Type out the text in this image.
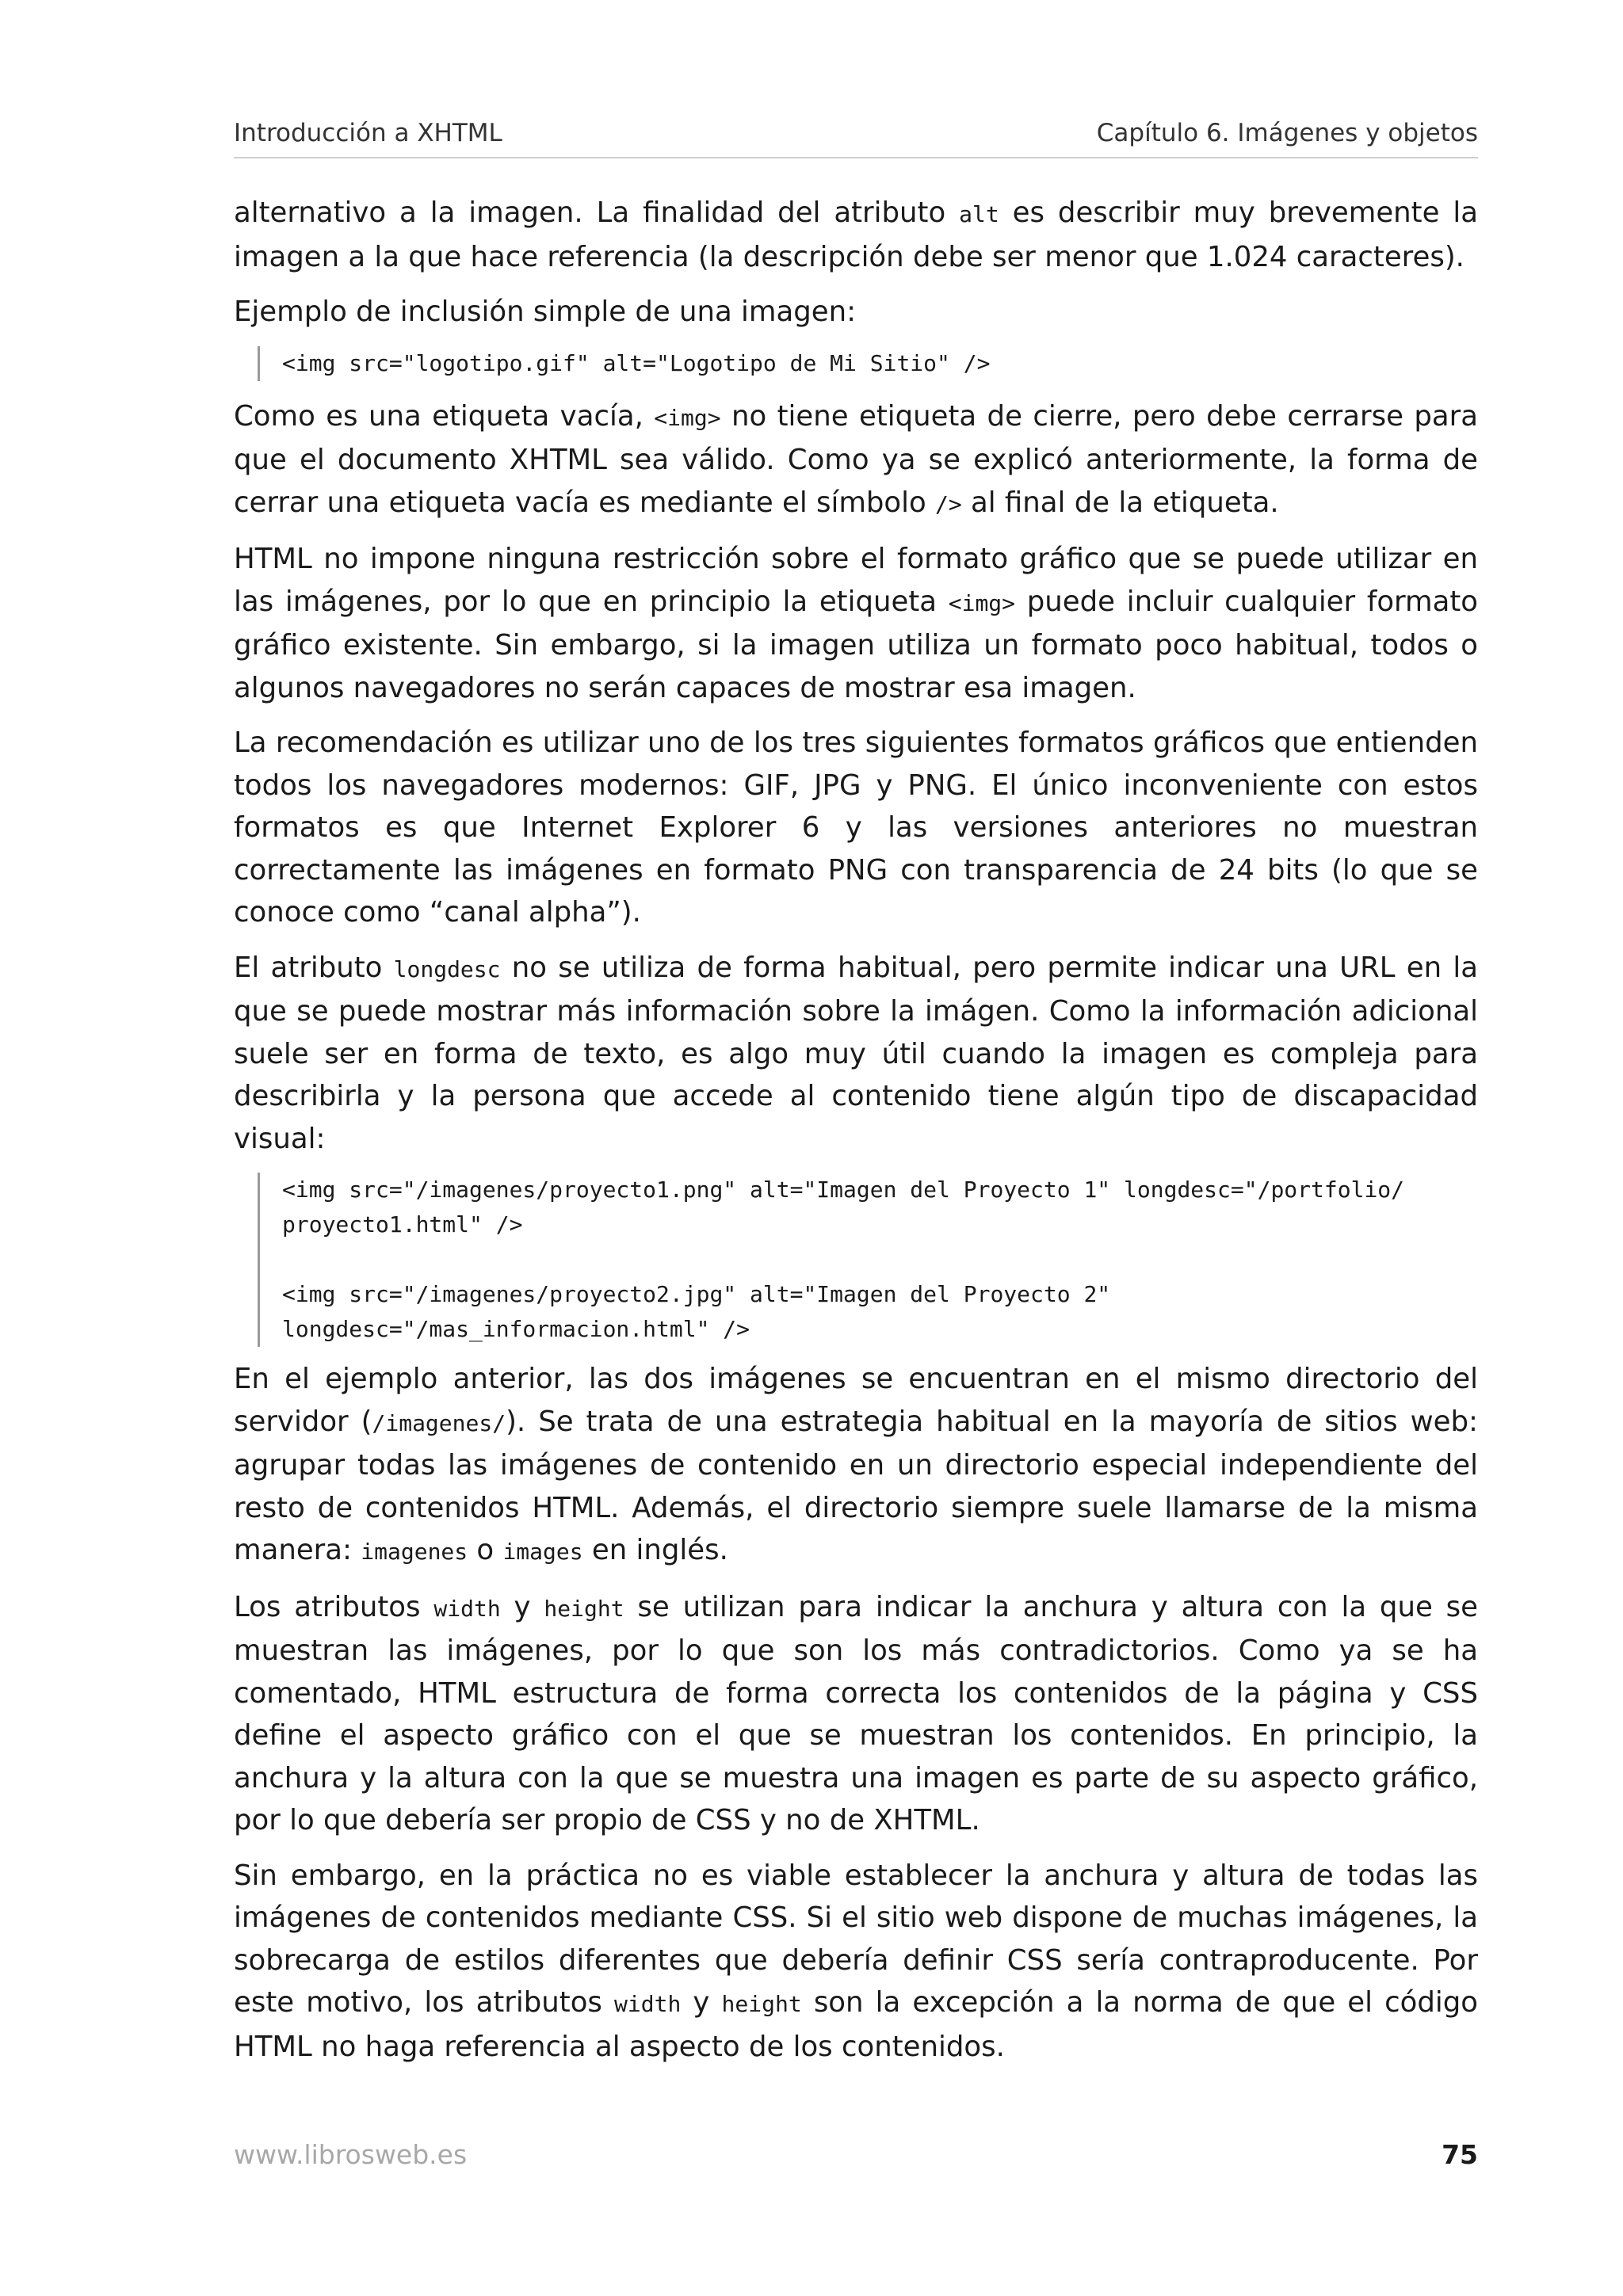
Introducción a XHTML	Capítulo 6. Imágenes y objetos

alternativo a la imagen. La finalidad del atributo alt es describir muy brevemente la imagen a la que hace referencia (la descripción debe ser menor que 1.024 caracteres).

Ejemplo de inclusión simple de una imagen:

<img src="logotipo.gif" alt="Logotipo de Mi Sitio" />

Como es una etiqueta vacía, <img> no tiene etiqueta de cierre, pero debe cerrarse para que el documento XHTML sea válido. Como ya se explicó anteriormente, la forma de cerrar una etiqueta vacía es mediante el símbolo /> al final de la etiqueta.

HTML no impone ninguna restricción sobre el formato gráfico que se puede utilizar en las imágenes, por lo que en principio la etiqueta <img> puede incluir cualquier formato gráfico existente. Sin embargo, si la imagen utiliza un formato poco habitual, todos o algunos navegadores no serán capaces de mostrar esa imagen.

La recomendación es utilizar uno de los tres siguientes formatos gráficos que entienden todos los navegadores modernos: GIF, JPG y PNG. El único inconveniente con estos formatos es que Internet Explorer 6 y las versiones anteriores no muestran correctamente las imágenes en formato PNG con transparencia de 24 bits (lo que se conoce como “canal alpha”).

El atributo longdesc no se utiliza de forma habitual, pero permite indicar una URL en la que se puede mostrar más información sobre la imágen. Como la información adicional suele ser en forma de texto, es algo muy útil cuando la imagen es compleja para describirla y la persona que accede al contenido tiene algún tipo de discapacidad visual:

<img src="/imagenes/proyecto1.png" alt="Imagen del Proyecto 1" longdesc="/portfolio/
proyecto1.html" />

<img src="/imagenes/proyecto2.jpg" alt="Imagen del Proyecto 2"
longdesc="/mas_informacion.html" />

En el ejemplo anterior, las dos imágenes se encuentran en el mismo directorio del servidor (/imagenes/). Se trata de una estrategia habitual en la mayoría de sitios web: agrupar todas las imágenes de contenido en un directorio especial independiente del resto de contenidos HTML. Además, el directorio siempre suele llamarse de la misma manera: imagenes o images en inglés.

Los atributos width y height se utilizan para indicar la anchura y altura con la que se muestran las imágenes, por lo que son los más contradictorios. Como ya se ha comentado, HTML estructura de forma correcta los contenidos de la página y CSS define el aspecto gráfico con el que se muestran los contenidos. En principio, la anchura y la altura con la que se muestra una imagen es parte de su aspecto gráfico, por lo que debería ser propio de CSS y no de XHTML.

Sin embargo, en la práctica no es viable establecer la anchura y altura de todas las imágenes de contenidos mediante CSS. Si el sitio web dispone de muchas imágenes, la sobrecarga de estilos diferentes que debería definir CSS sería contraproducente. Por este motivo, los atributos width y height son la excepción a la norma de que el código HTML no haga referencia al aspecto de los contenidos.

www.librosweb.es	75
